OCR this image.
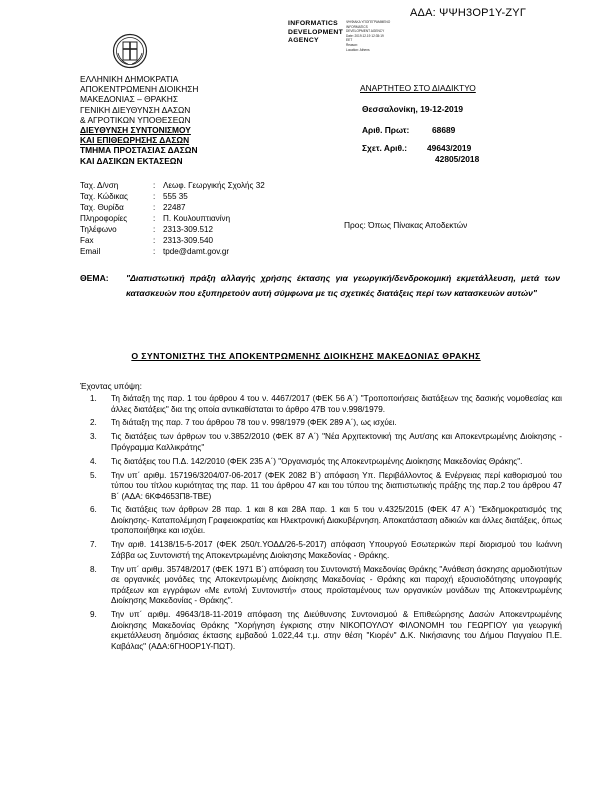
ΑΔΑ: ΨΨΗ3ΟΡ1Υ-ΖΥΓ
INFORMATICS
DEVELOPMENT
AGENCY
ΨΗΦΙΑΚΑ ΥΠΟΓΕΓΡΑΜΜΕΝΟ
INFORMATICS
DEVELOPMENT AGENCY
Date: 2019.12.19 12:35:19
EET
Reason:
Location: Athens
ΕΛΛΗΝΙΚΗ ΔΗΜΟΚΡΑΤΙΑ
ΑΠΟΚΕΝΤΡΩΜΕΝΗ ΔΙΟΙΚΗΣΗ
ΜΑΚΕΔΟΝΙΑΣ – ΘΡΑΚΗΣ
ΓΕΝΙΚΗ ΔΙΕΥΘΥΝΣΗ ΔΑΣΩΝ
& ΑΓΡΟΤΙΚΩΝ ΥΠΟΘΕΣΕΩΝ
ΔΙΕΥΘΥΝΣΗ ΣΥΝΤΟΝΙΣΜΟΥ
ΚΑΙ ΕΠΙΘΕΩΡΗΣΗΣ ΔΑΣΩΝ
ΤΜΗΜΑ ΠΡΟΣΤΑΣΙΑΣ ΔΑΣΩΝ
ΚΑΙ ΔΑΣΙΚΩΝ ΕΚΤΑΣΕΩΝ
Ταχ. Δ/νση	:	Λεωφ. Γεωργικής Σχολής 32
Ταχ. Κώδικας	:	555 35
Ταχ. Θυρίδα	:	22487
Πληροφορίες	:	Π. Κουλουπτιανίνη
Τηλέφωνο	:	2313-309.512
Fax	:	2313-309.540
Email	:	tpde@damt.gov.gr
ΑΝΑΡΤΗΤΕΟ ΣΤΟ ΔΙΑΔΙΚΤΥΟ
Θεσσαλονίκη, 19-12-2019
Αριθ. Πρωτ:	68689
Σχετ. Αριθ.:	49643/2019
42805/2018
Προς: Όπως Πίνακας Αποδεκτών
ΘΕΜΑ:	"Διαπιστωτική πράξη αλλαγής χρήσης έκτασης για γεωργική/δενδροκομική εκμετάλλευση, μετά των κατασκευών που εξυπηρετούν αυτή σύμφωνα με τις σχετικές διατάξεις περί των κατασκευών αυτών"
Ο ΣΥΝΤΟΝΙΣΤΗΣ ΤΗΣ ΑΠΟΚΕΝΤΡΩΜΕΝΗΣ ΔΙΟΙΚΗΣΗΣ ΜΑΚΕΔΟΝΙΑΣ ΘΡΑΚΗΣ
Έχοντας υπόψη:
1. Τη διάταξη της παρ. 1 του άρθρου 4 του ν. 4467/2017 (ΦΕΚ 56 Α΄) "Τροποποιήσεις διατάξεων της δασικής νομοθεσίας και άλλες διατάξεις" δια της οποία αντικαθίσταται το άρθρο 47Β του ν.998/1979.
2. Τη διάταξη της παρ. 7 του άρθρου 78 του ν. 998/1979 (ΦΕΚ 289 Α΄), ως ισχύει.
3. Τις διατάξεις των άρθρων του ν.3852/2010 (ΦΕΚ 87 Α΄) "Νέα Αρχιτεκτονική της Αυτ/σης και Αποκεντρωμένης Διοίκησης - Πρόγραμμα Καλλικράτης"
4. Τις διατάξεις του Π.Δ. 142/2010 (ΦΕΚ 235 Α΄) "Οργανισμός της Αποκεντρωμένης Διοίκησης Μακεδονίας Θράκης".
5. Την υπ΄ αριθμ. 157196/3204/07-06-2017 (ΦΕΚ 2082 Β΄) απόφαση Υπ. Περιβάλλοντος & Ενέργειας περί καθορισμού του τύπου του τίτλου κυριότητας της παρ. 11 του άρθρου 47 και του τύπου της διαπιστωτικής πράξης της παρ.2 του άρθρου 47 Β΄ (ΑΔΑ: 6ΚΦ4653Π8-ΤΒΕ)
6. Τις διατάξεις των άρθρων 28 παρ. 1 και 8 και 28Α παρ. 1 και 5 του ν.4325/2015 (ΦΕΚ 47 Α΄) "Εκδημοκρατισμός της Διοίκησης- Καταπολέμηση Γραφειοκρατίας και Ηλεκτρονική Διακυβέρνηση. Αποκατάσταση αδικιών και άλλες διατάξεις, όπως τροποποιήθηκε και ισχύει.
7. Την αριθ. 14138/15-5-2017 (ΦΕΚ 250/τ.ΥΟΔΔ/26-5-2017) απόφαση Υπουργού Εσωτερικών περί διορισμού του Ιωάννη Σάββα ως Συντονιστή της Αποκεντρωμένης Διοίκησης Μακεδονίας - Θράκης.
8. Την υπ΄ αριθμ. 35748/2017 (ΦΕΚ 1971 Β΄) απόφαση του Συντονιστή Μακεδονίας Θράκης "Ανάθεση άσκησης αρμοδιοτήτων σε οργανικές μονάδες της Αποκεντρωμένης Διοίκησης Μακεδονίας - Θράκης και παροχή εξουσιοδότησης υπογραφής πράξεων και εγγράφων «Με εντολή Συντονιστή» στους προϊσταμένους των οργανικών μονάδων της Αποκεντρωμένης Διοίκησης Μακεδονίας - Θράκης".
9. Την υπ΄ αριθμ. 49643/18-11-2019 απόφαση της Διεύθυνσης Συντονισμού & Επιθεώρησης Δασών Αποκεντρωμένης Διοίκησης Μακεδονίας Θράκης "Χορήγηση έγκρισης στην ΝΙΚΟΠΟΥΛΟΥ ΦΙΛΟΝΟΜΗ του ΓΕΩΡΓΙΟΥ για γεωργική εκμετάλλευση δημόσιας έκτασης εμβαδού 1.022,44 τ.μ. στην θέση "Κιορέν" Δ.Κ. Νικήσιανης του Δήμου Παγγαίου Π.Ε. Καβάλας" (ΑΔΑ:6ΓΗ0ΟΡ1Υ-ΠΩΤ).
